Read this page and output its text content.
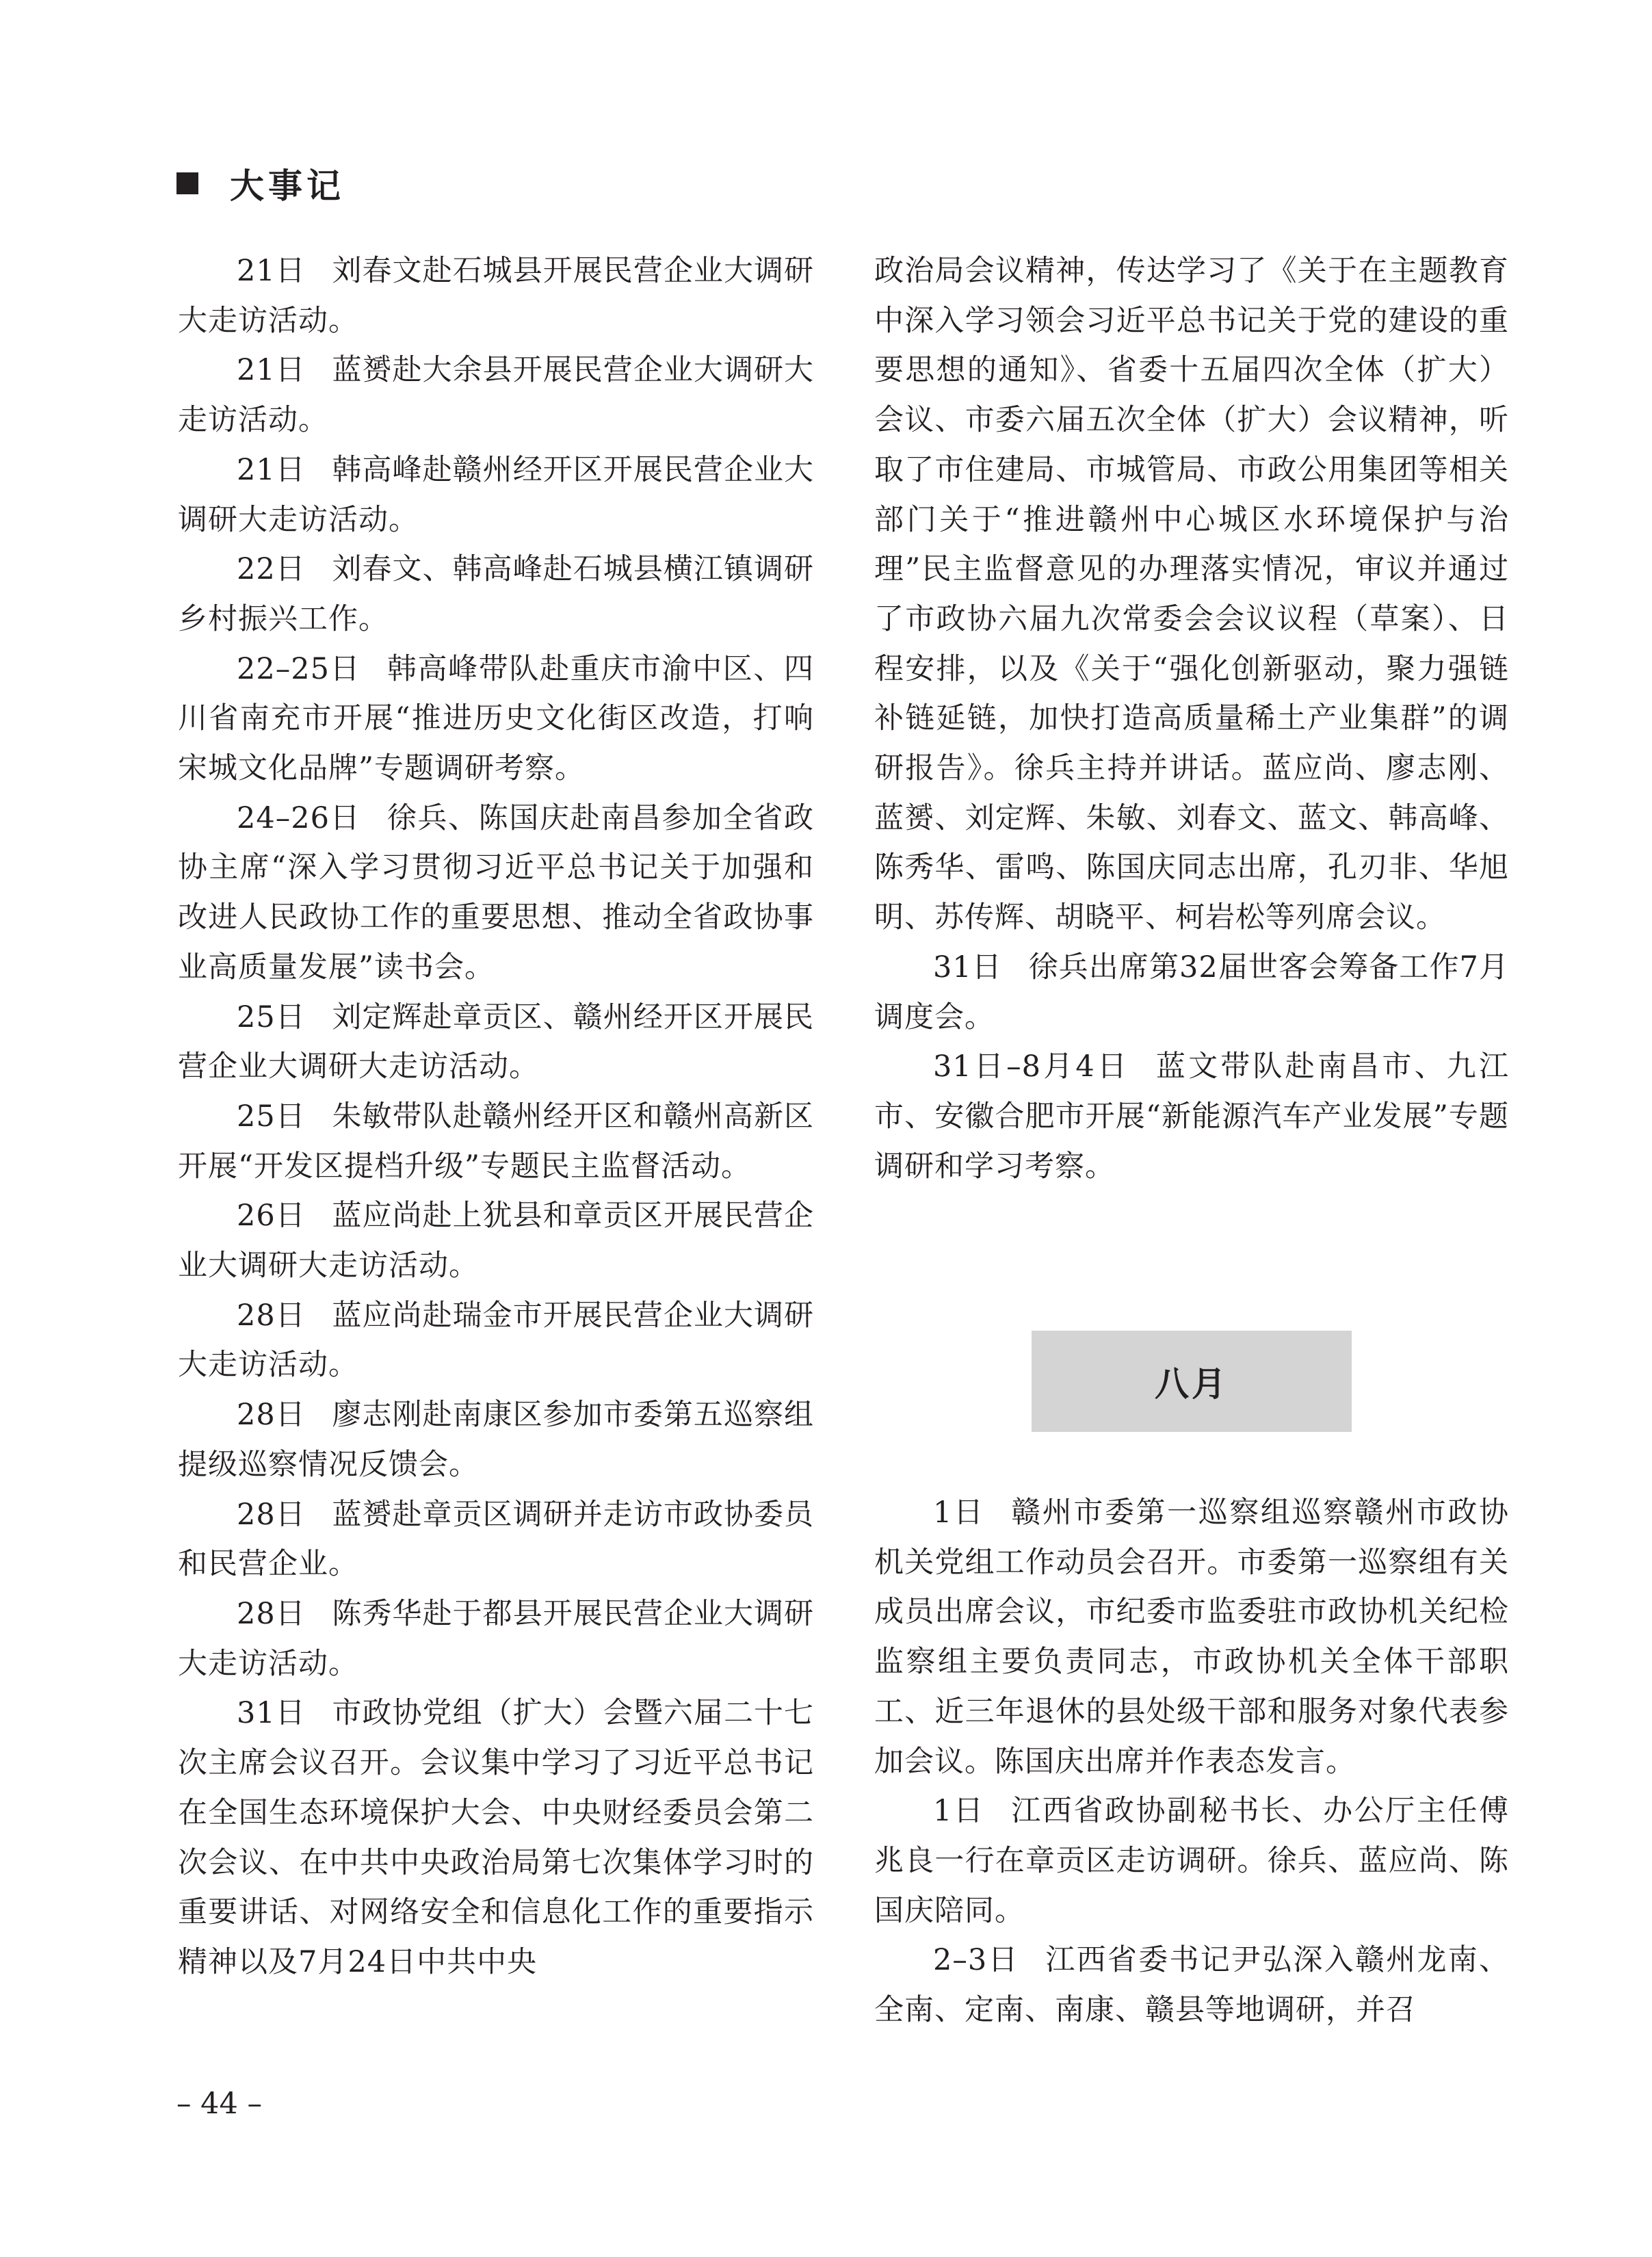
大事记

21日 刘春文赴石城县开展民营企业大调研大走访活动。

21日 蓝赟赴大余县开展民营企业大调研大走访活动。

21日 韩高峰赴赣州经开区开展民营企业大调研大走访活动。

22日 刘春文、韩高峰赴石城县横江镇调研乡村振兴工作。

22–25日 韩高峰带队赴重庆市渝中区、四川省南充市开展“推进历史文化街区改造，打响宋城文化品牌”专题调研考察。

24–26日 徐兵、陈国庆赴南昌参加全省政协主席“深入学习贯彻习近平总书记关于加强和改进人民政协工作的重要思想、推动全省政协事业高质量发展”读书会。

25日 刘定辉赴章贡区、赣州经开区开展民营企业大调研大走访活动。

25日 朱敏带队赴赣州经开区和赣州高新区开展“开发区提档升级”专题民主监督活动。

26日 蓝应尚赴上犹县和章贡区开展民营企业大调研大走访活动。

28日 蓝应尚赴瑞金市开展民营企业大调研大走访活动。

28日 廖志刚赴南康区参加市委第五巡察组提级巡察情况反馈会。

28日 蓝赟赴章贡区调研并走访市政协委员和民营企业。

28日 陈秀华赴于都县开展民营企业大调研大走访活动。

31日 市政协党组（扩大）会暨六届二十七次主席会议召开。会议集中学习了习近平总书记在全国生态环境保护大会、中央财经委员会第二次会议、在中共中央政治局第七次集体学习时的重要讲话、对网络安全和信息化工作的重要指示精神以及7月24日中共中央

政治局会议精神，传达学习了《关于在主题教育中深入学习领会习近平总书记关于党的建设的重要思想的通知》、省委十五届四次全体（扩大）会议、市委六届五次全体（扩大）会议精神，听取了市住建局、市城管局、市政公用集团等相关部门关于“推进赣州中心城区水环境保护与治理”民主监督意见的办理落实情况，审议并通过了市政协六届九次常委会会议议程（草案）、日程安排，以及《关于“强化创新驱动，聚力强链补链延链，加快打造高质量稀土产业集群”的调研报告》。徐兵主持并讲话。蓝应尚、廖志刚、蓝赟、刘定辉、朱敏、刘春文、蓝文、韩高峰、陈秀华、雷鸣、陈国庆同志出席，孔刃非、华旭明、苏传辉、胡晓平、柯岩松等列席会议。

31日 徐兵出席第32届世客会筹备工作7月调度会。

31日–8月4日 蓝文带队赴南昌市、九江市、安徽合肥市开展“新能源汽车产业发展”专题调研和学习考察。

八月

1日 赣州市委第一巡察组巡察赣州市政协机关党组工作动员会召开。市委第一巡察组有关成员出席会议，市纪委市监委驻市政协机关纪检监察组主要负责同志，市政协机关全体干部职工、近三年退休的县处级干部和服务对象代表参加会议。陈国庆出席并作表态发言。

1日 江西省政协副秘书长、办公厅主任傅兆良一行在章贡区走访调研。徐兵、蓝应尚、陈国庆陪同。

2–3日 江西省委书记尹弘深入赣州龙南、全南、定南、南康、赣县等地调研，并召

– 44 –
